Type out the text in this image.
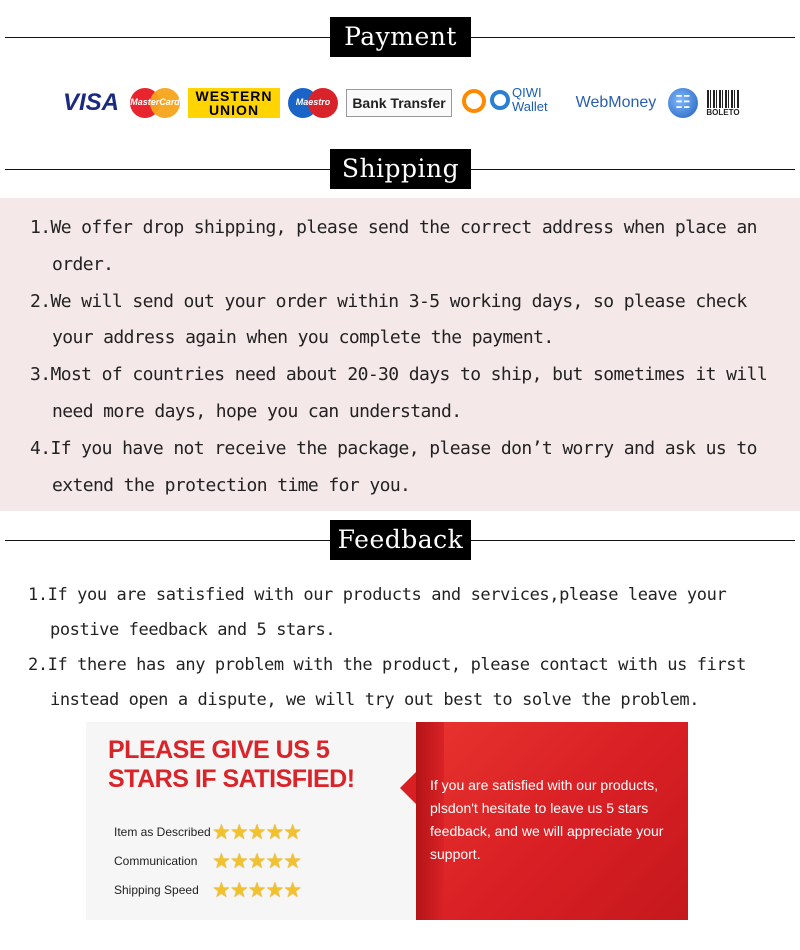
Payment
VISA	MasterCard WESTERN
UNION	Maestro	Bank Transfer
QIWI
Wallet WebMoney
☷
BOLETO
Shipping
1.We offer drop shipping, please send the correct address when place an order.
2.We will send out your order within 3-5 working days, so please check your address again when you complete the payment.
3.Most of countries need about 20-30 days to ship, but sometimes it will need more days, hope you can understand.
4.If you have not receive the package, please don’t worry and ask us to extend the protection time for you.
Feedback
1.If you are satisfied with our products and services,please leave your postive feedback and 5 stars.
2.If there has any problem with the product, please contact with us first instead open a dispute, we will try out best to solve the problem.
PLEASE GIVE US 5 STARS IF SATISFIED!
Item as Described ★★★★★
Communication ★★★★★
Shipping Speed ★★★★★
If you are satisfied with our products, plsdon't hesitate to leave us 5 stars feedback, and we will appreciate your support.
